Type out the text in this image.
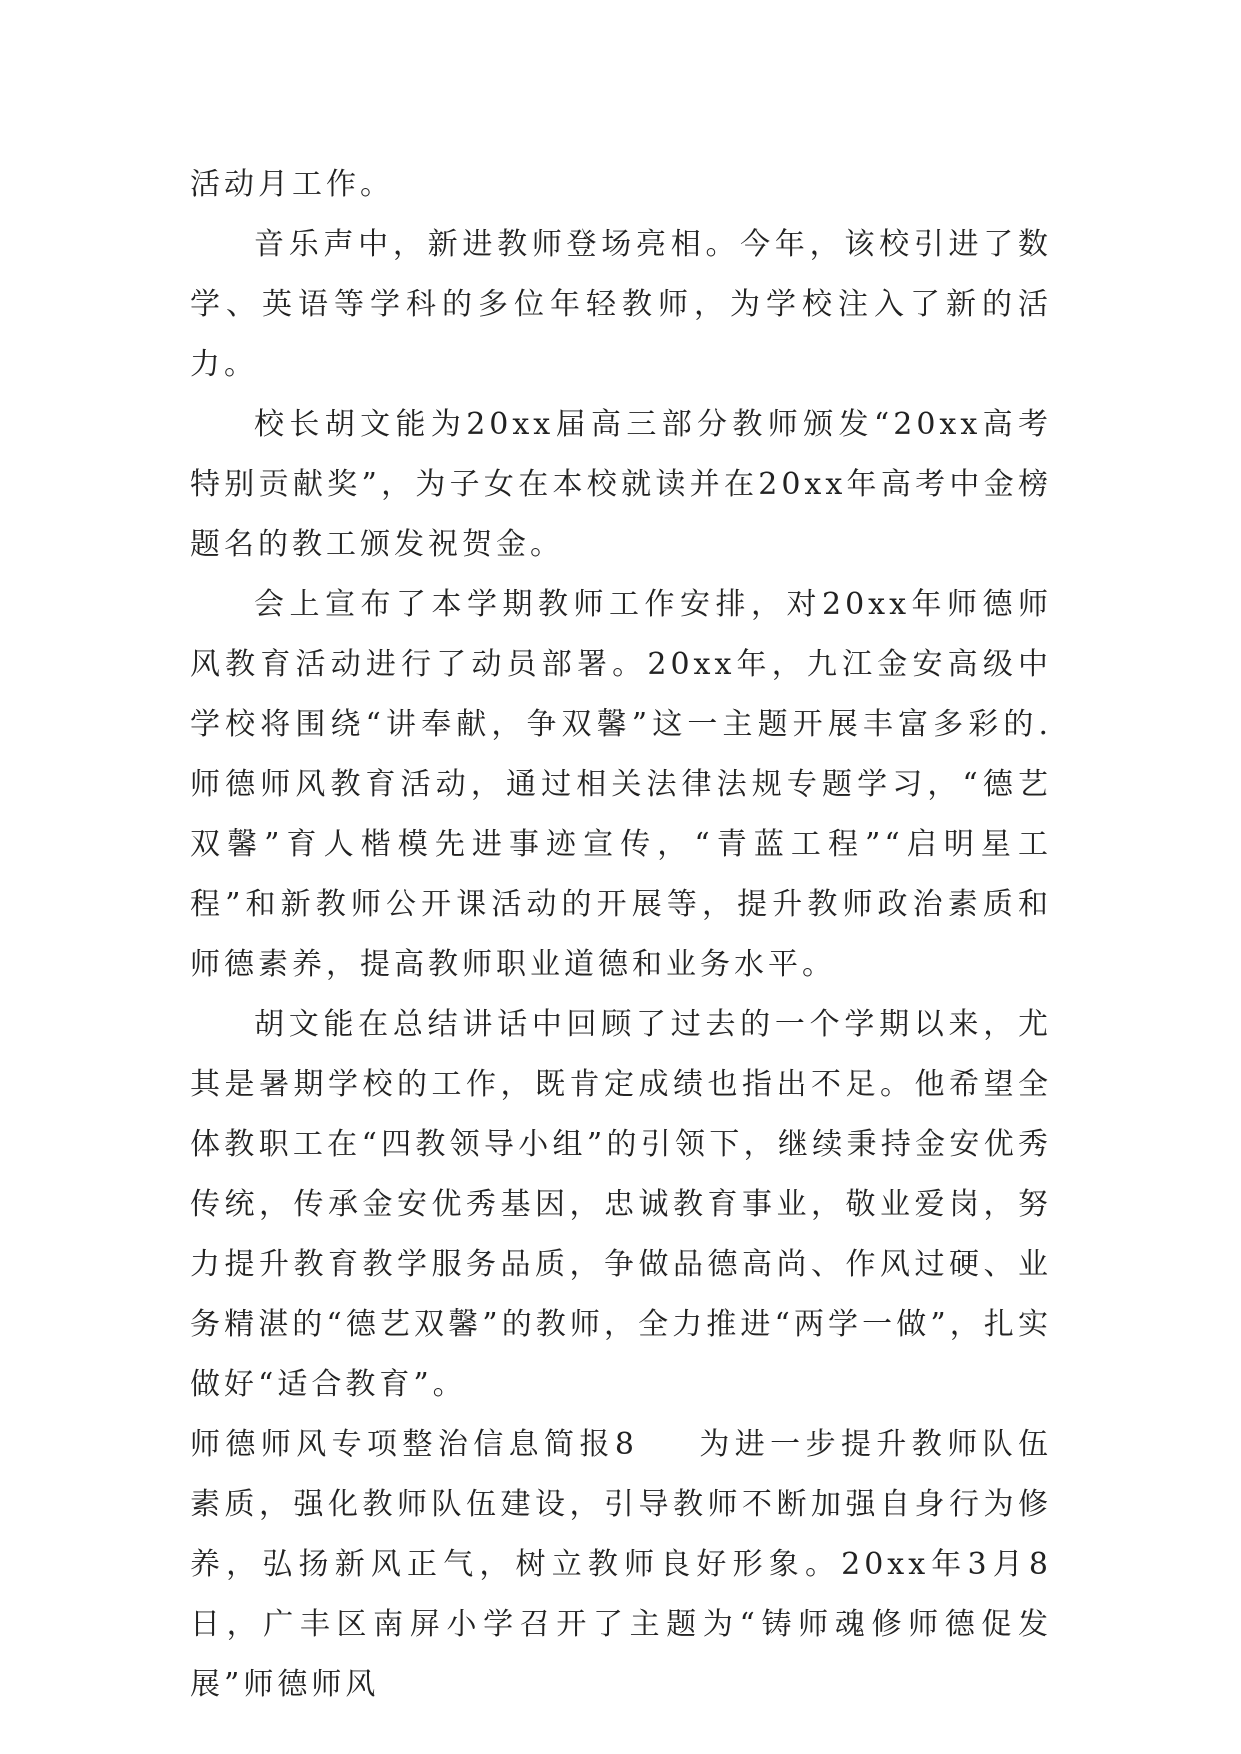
活动月工作。

音乐声中，新进教师登场亮相。今年，该校引进了数学、英语等学科的多位年轻教师，为学校注入了新的活力。

校长胡文能为20xx届高三部分教师颁发“20xx高考特别贡献奖”，为子女在本校就读并在20xx年高考中金榜题名的教工颁发祝贺金。

会上宣布了本学期教师工作安排，对20xx年师德师风教育活动进行了动员部署。20xx年，九江金安高级中学校将围绕“讲奉献，争双馨”这一主题开展丰富多彩的.师德师风教育活动，通过相关法律法规专题学习，“德艺双馨”育人楷模先进事迹宣传，“青蓝工程”“启明星工程”和新教师公开课活动的开展等，提升教师政治素质和师德素养，提高教师职业道德和业务水平。

胡文能在总结讲话中回顾了过去的一个学期以来，尤其是暑期学校的工作，既肯定成绩也指出不足。他希望全体教职工在“四教领导小组”的引领下，继续秉持金安优秀传统，传承金安优秀基因，忠诚教育事业，敬业爱岗，努力提升教育教学服务品质，争做品德高尚、作风过硬、业务精湛的“德艺双馨”的教师，全力推进“两学一做”，扎实做好“适合教育”。

师德师风专项整治信息简报8 为进一步提升教师队伍素质，强化教师队伍建设，引导教师不断加强自身行为修养，弘扬新风正气，树立教师良好形象。20xx年3月8日，广丰区南屏小学召开了主题为“铸师魂修师德促发展”师德师风
